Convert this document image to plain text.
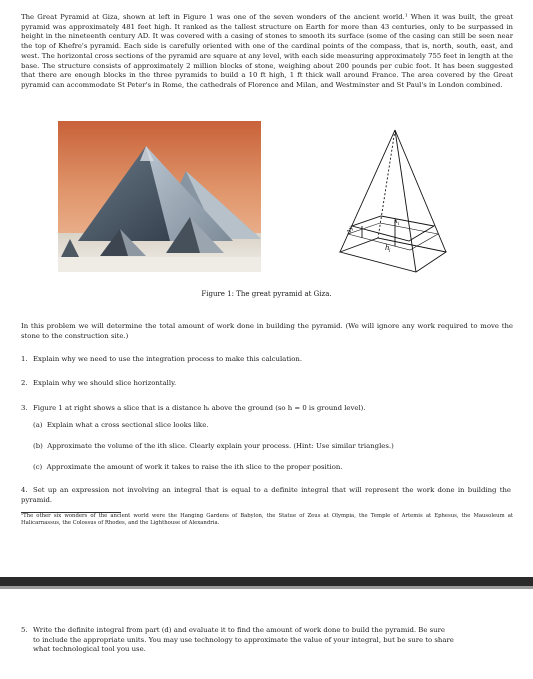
The Great Pyramid at Giza, shown at left in Figure 1 was one of the seven wonders of the ancient world.¹ When it was built, the great pyramid was approximately 481 feet high. It ranked as the tallest structure on Earth for more than 43 centuries, only to be surpassed in height in the nineteenth century AD. It was covered with a casing of stones to smooth its surface (some of the casing can still be seen near the top of Khefre's pyramid. Each side is carefully oriented with one of the cardinal points of the compass, that is, north, south, east, and west. The horizontal cross sections of the pyramid are square at any level, with each side measuring approximately 755 feet in length at the base. The structure consists of approximately 2 million blocks of stone, weighing about 200 pounds per cubic foot. It has been suggested that there are enough blocks in the three pyramids to build a 10 ft high, 1 ft thick wall around France. The area covered by the Great pyramid can accommodate St Peter's in Rome, the cathedrals of Florence and Milan, and Westminster and St Paul's in London combined.

x i
h i
Δy
Figure 1: The great pyramid at Giza.

In this problem we will determine the total amount of work done in building the pyramid. (We will ignore any work required to move the stone to the construction site.)

1. Explain why we need to use the integration process to make this calculation.

2. Explain why we should slice horizontally.

3. Figure 1 at right shows a slice that is a distance hᵢ above the ground (so h = 0 is ground level).

(a) Explain what a cross sectional slice looks like.

(b) Approximate the volume of the ith slice. Clearly explain your process. (Hint: Use similar triangles.)

(c) Approximate the amount of work it takes to raise the ith slice to the proper position.

4. Set up an expression not involving an integral that is equal to a definite integral that will represent the work done in building the pyramid.

¹The other six wonders of the ancient world were the Hanging Gardens of Babylon, the Statue of Zeus at Olympia, the Temple of Artemis at Ephesus, the Mausoleum at Halicarnassus, the Colossus of Rhodes, and the Lighthouse of Alexandria.

5. Write the definite integral from part (d) and evaluate it to find the amount of work done to build the pyramid. Be sure
to include the appropriate units. You may use technology to approximate the value of your integral, but be sure to share
what technological tool you use.
